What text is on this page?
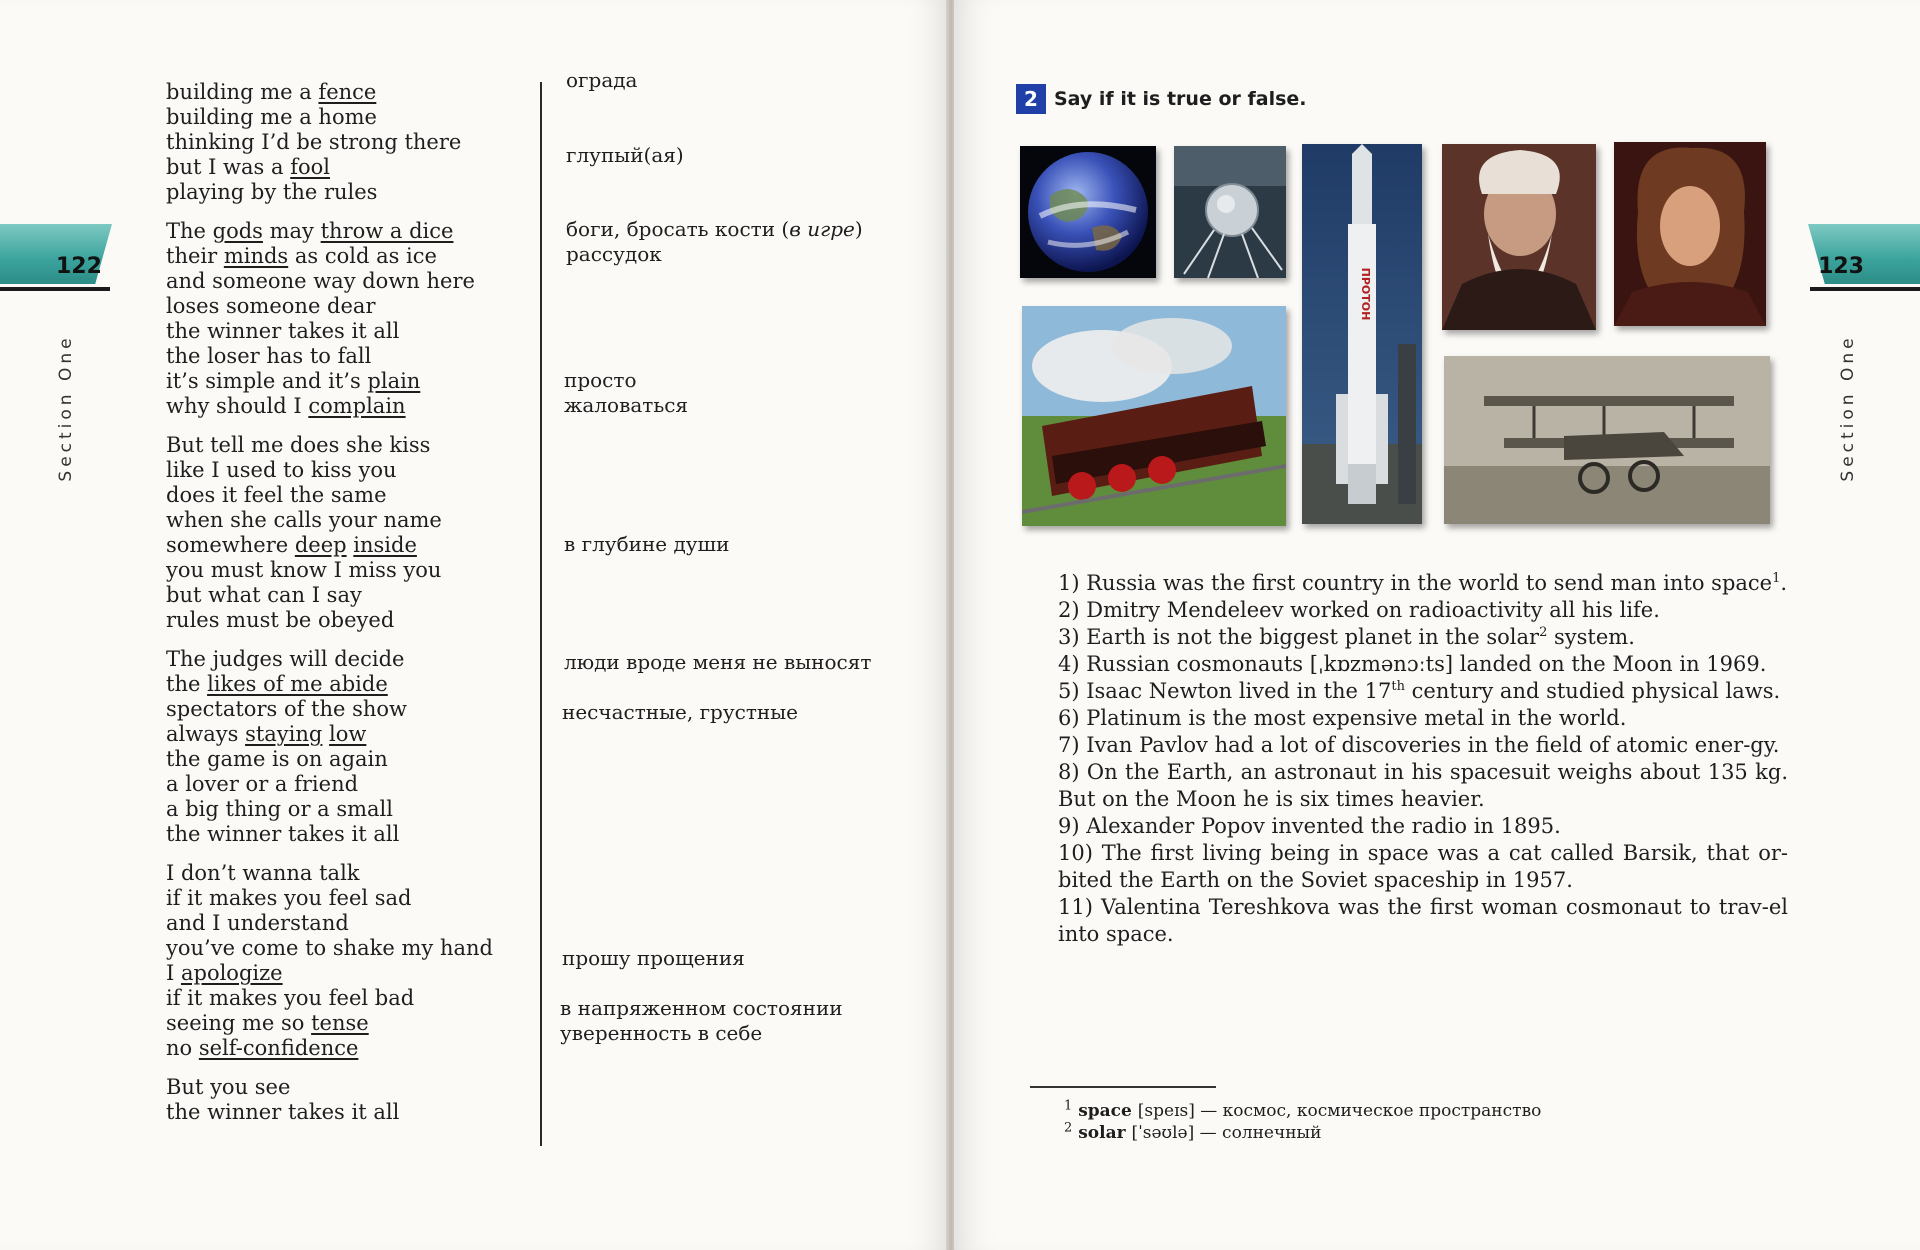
122
Section One
building me a fence
building me a home
thinking I’d be strong there
but I was a fool
playing by the rules
The gods may throw a dice
their minds as cold as ice
and someone way down here
loses someone dear
the winner takes it all
the loser has to fall
it’s simple and it’s plain
why should I complain
But tell me does she kiss
like I used to kiss you
does it feel the same
when she calls your name
somewhere deep inside
you must know I miss you
but what can I say
rules must be obeyed
The judges will decide
the likes of me abide
spectators of the show
always staying low
the game is on again
a lover or a friend
a big thing or a small
the winner takes it all
I don’t wanna talk
if it makes you feel sad
and I understand
you’ve come to shake my hand
I apologize
if it makes you feel bad
seeing me so tense
no self-confidence
But you see
the winner takes it all
ограда
глупый(ая)
боги, бросать кости (в игре)
рассудок
просто
жаловаться
в глубине души
люди вроде меня не выносят
несчастные, грустные
прошу прощения
в напряженном состоянии
уверенность в себе
123
Section One
2 Say if it is true or false.
ПРОТОН
1) Russia was the first country in the world to send man into space$^1$.
2) Dmitry Mendeleev worked on radioactivity all his life.
3) Earth is not the biggest planet in the solar$^2$ system.
4) Russian cosmonauts [ˌkɒzmənɔːts] landed on the Moon in 1969.
5) Isaac Newton lived in the 17th century and studied physical laws.
6) Platinum is the most expensive metal in the world.
7) Ivan Pavlov had a lot of discoveries in the field of atomic ener-gy.
8) On the Earth, an astronaut in his spacesuit weighs about 135 kg. But on the Moon he is six times heavier.
9) Alexander Popov invented the radio in 1895.
10) The first living being in space was a cat called Barsik, that or-bited the Earth on the Soviet spaceship in 1957.
11) Valentina Tereshkova was the first woman cosmonaut to trav-el into space.
$^1$ space [speɪs] — космос, космическое пространство
$^2$ solar [ˈsəʊlə] — солнечный
